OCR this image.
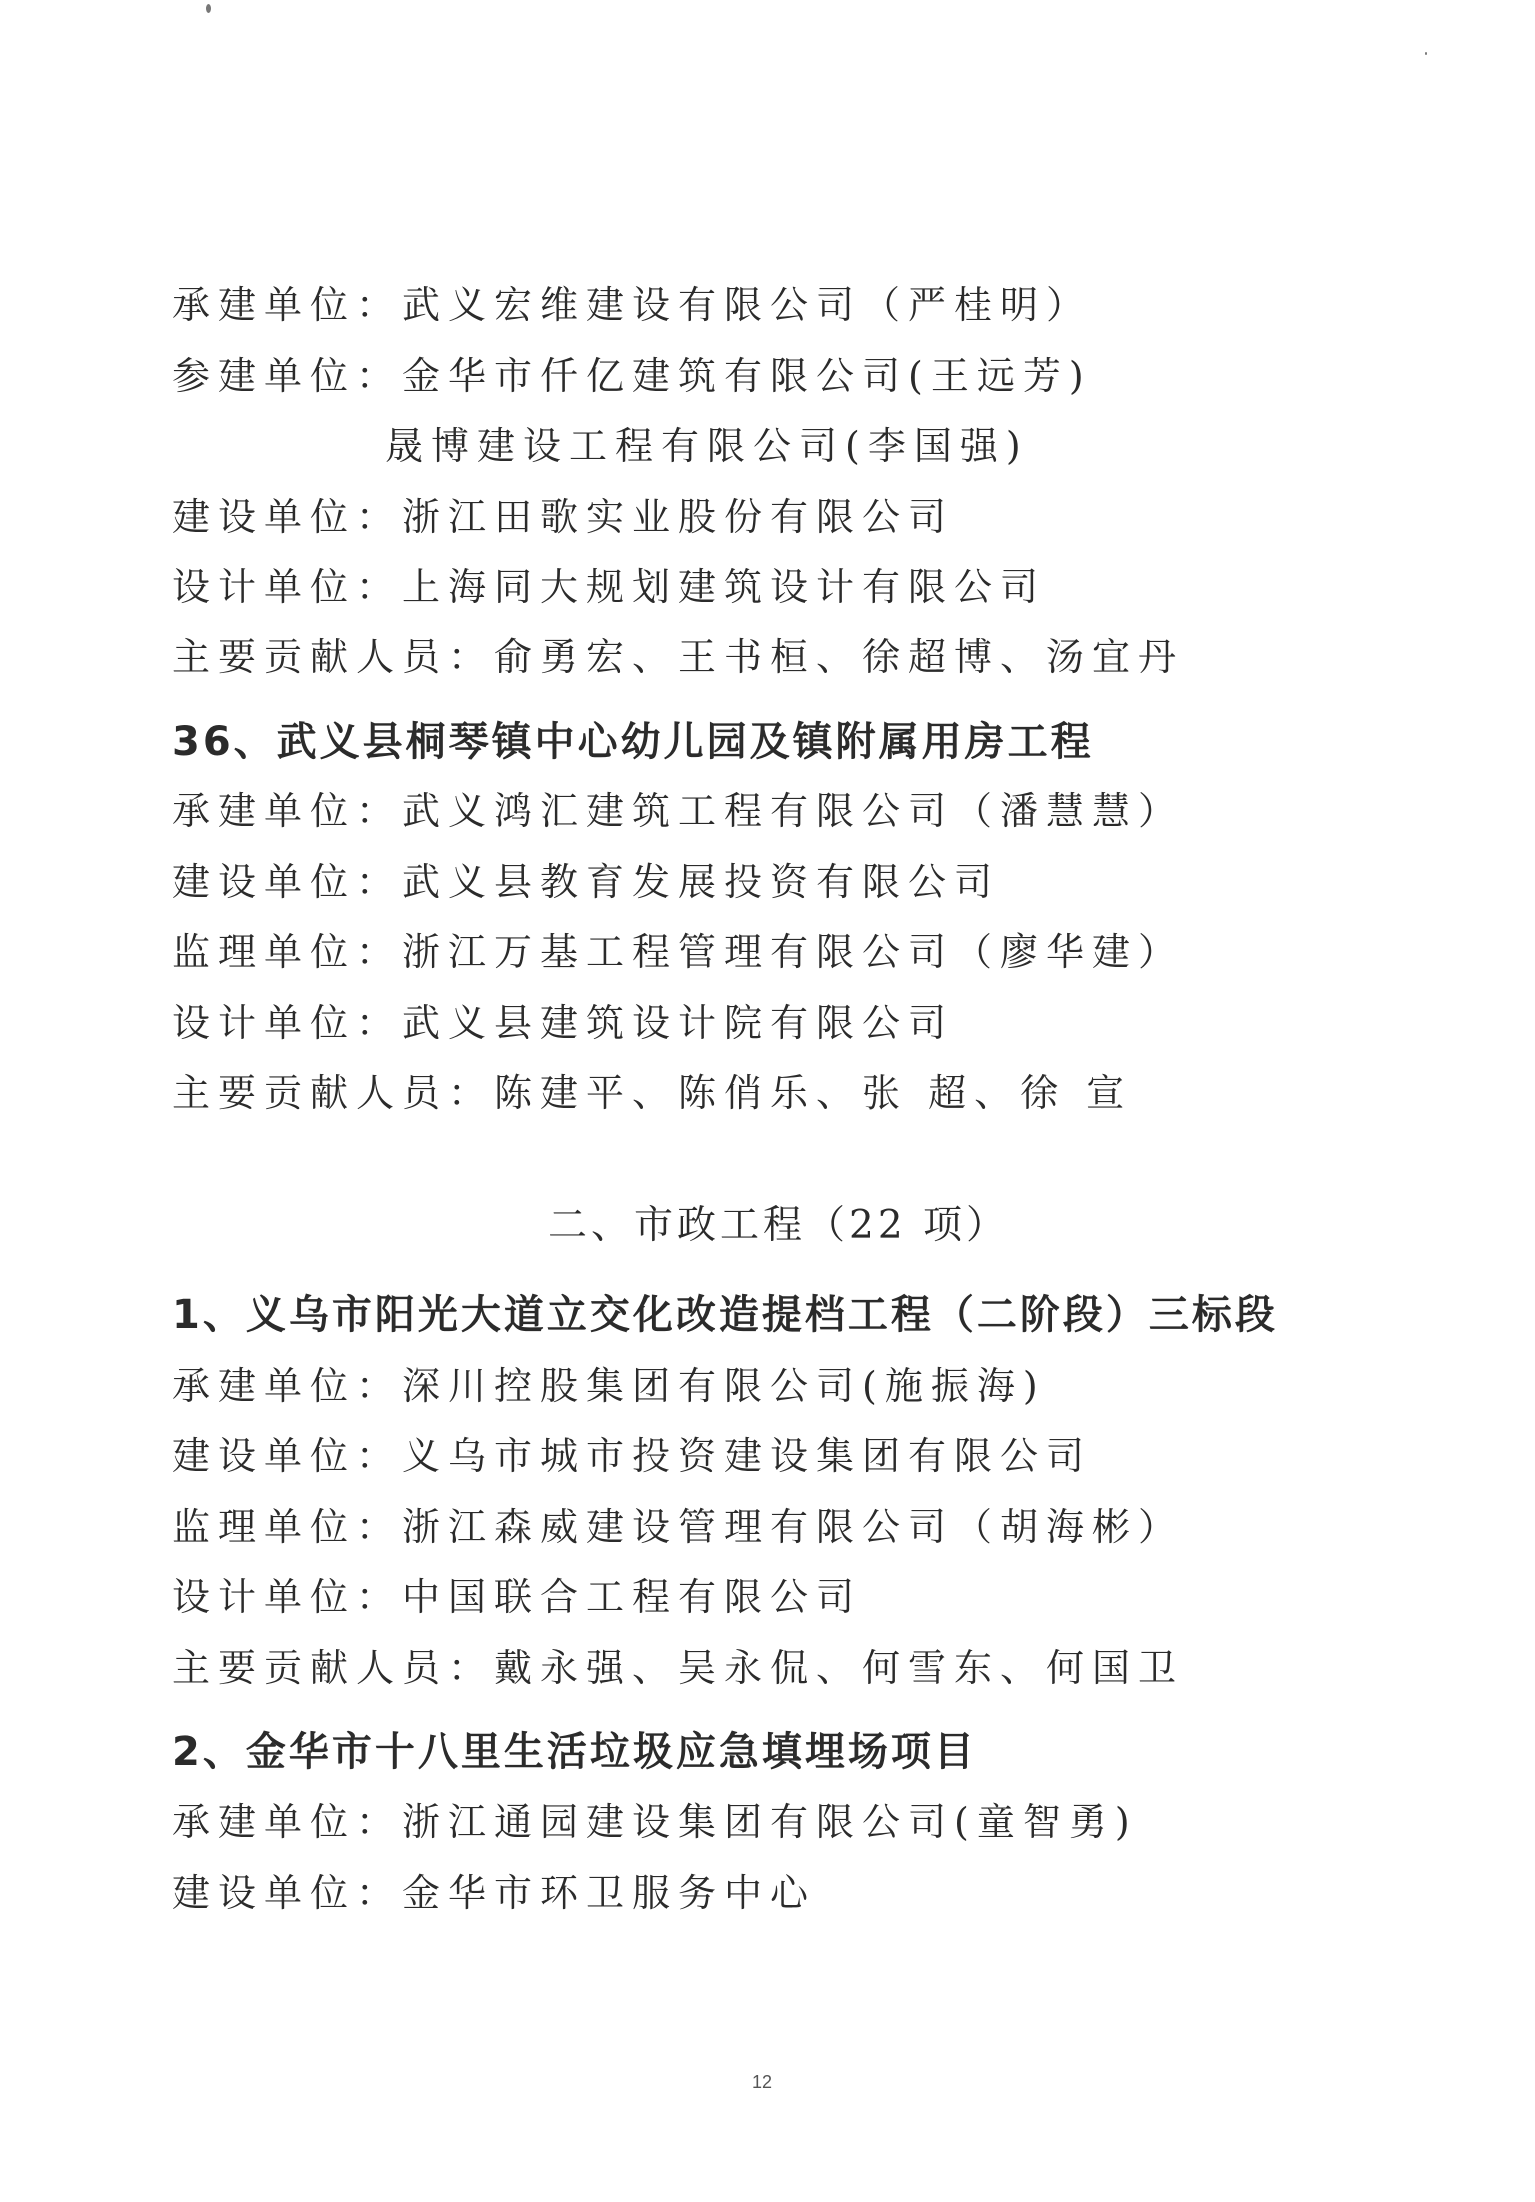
承建单位：武义宏维建设有限公司（严桂明）
参建单位：金华市仟亿建筑有限公司(王远芳)
晟博建设工程有限公司(李国强)
建设单位：浙江田歌实业股份有限公司
设计单位：上海同大规划建筑设计有限公司
主要贡献人员：俞勇宏、王书桓、徐超博、汤宜丹
36、武义县桐琴镇中心幼儿园及镇附属用房工程
承建单位：武义鸿汇建筑工程有限公司（潘慧慧）
建设单位：武义县教育发展投资有限公司
监理单位：浙江万基工程管理有限公司（廖华建）
设计单位：武义县建筑设计院有限公司
主要贡献人员：陈建平、陈俏乐、张 超、徐 宣
二、市政工程（22 项）
1、义乌市阳光大道立交化改造提档工程（二阶段）三标段
承建单位：深川控股集团有限公司(施振海)
建设单位：义乌市城市投资建设集团有限公司
监理单位：浙江森威建设管理有限公司（胡海彬）
设计单位：中国联合工程有限公司
主要贡献人员：戴永强、吴永侃、何雪东、何国卫
2、金华市十八里生活垃圾应急填埋场项目
承建单位：浙江通园建设集团有限公司(童智勇)
建设单位：金华市环卫服务中心
12
